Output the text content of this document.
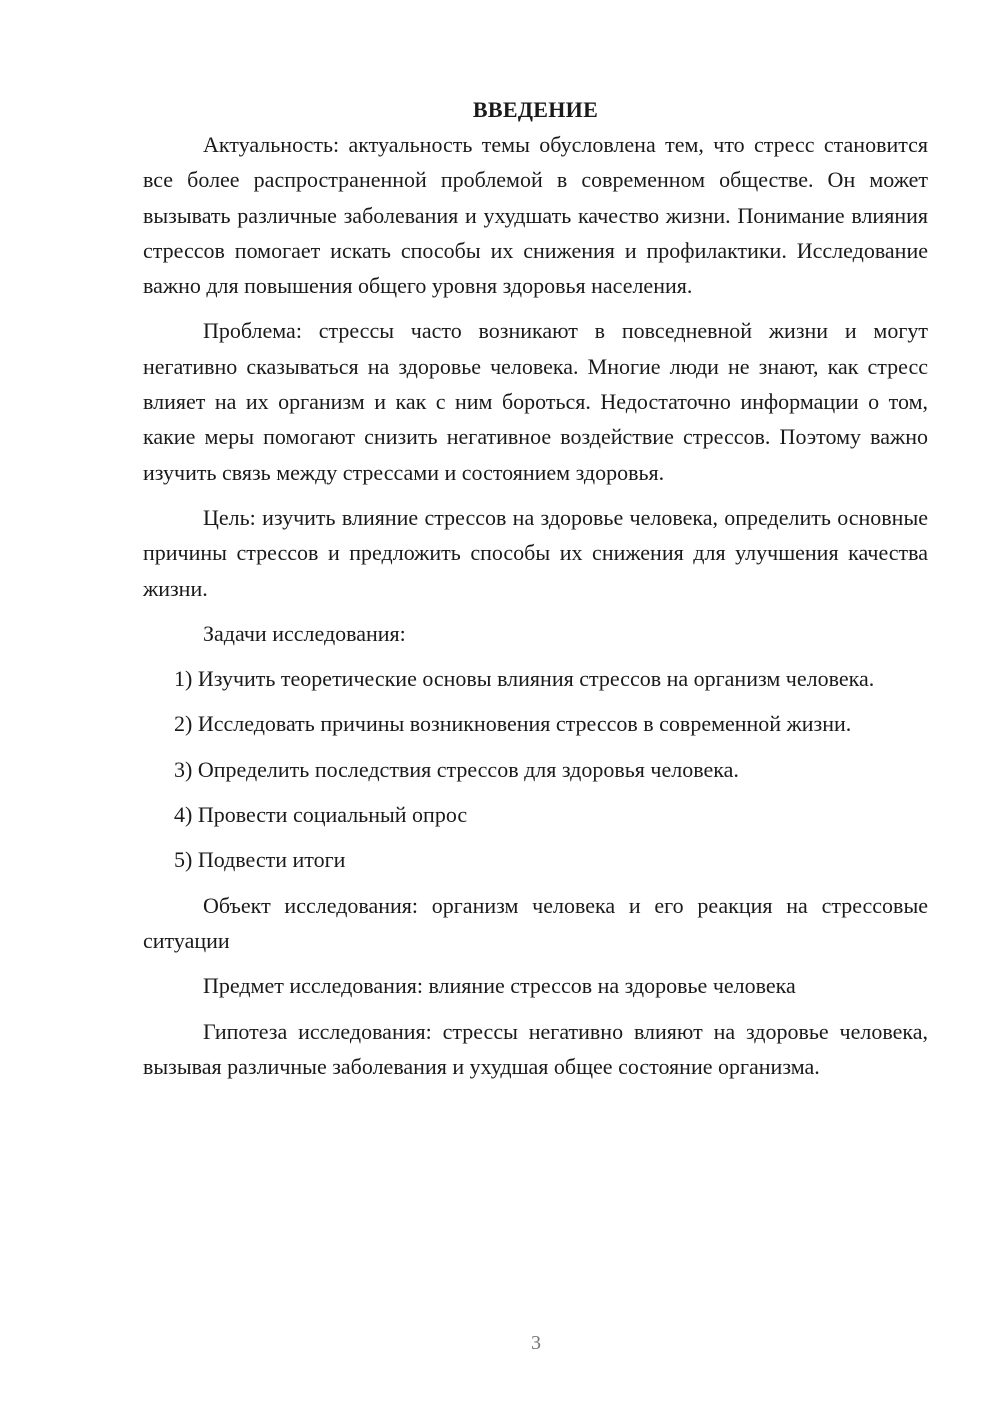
ВВЕДЕНИЕ

Актуальность: актуальность темы обусловлена тем, что стресс становится все более распространенной проблемой в современном обществе. Он может вызывать различные заболевания и ухудшать качество жизни. Понимание влияния стрессов помогает искать способы их снижения и профилактики. Исследование важно для повышения общего уровня здоровья населения.

Проблема: стрессы часто возникают в повседневной жизни и могут негативно сказываться на здоровье человека. Многие люди не знают, как стресс влияет на их организм и как с ним бороться. Недостаточно информации о том, какие меры помогают снизить негативное воздействие стрессов. Поэтому важно изучить связь между стрессами и состоянием здоровья.

Цель: изучить влияние стрессов на здоровье человека, определить основные причины стрессов и предложить способы их снижения для улучшения качества жизни.

Задачи исследования:

1) Изучить теоретические основы влияния стрессов на организм человека.

2) Исследовать причины возникновения стрессов в современной жизни.

3) Определить последствия стрессов для здоровья человека.

4) Провести социальный опрос

5) Подвести итоги

Объект исследования: организм человека и его реакция на стрессовые ситуации

Предмет исследования: влияние стрессов на здоровье человека

Гипотеза исследования: стрессы негативно влияют на здоровье человека, вызывая различные заболевания и ухудшая общее состояние организма.

3
